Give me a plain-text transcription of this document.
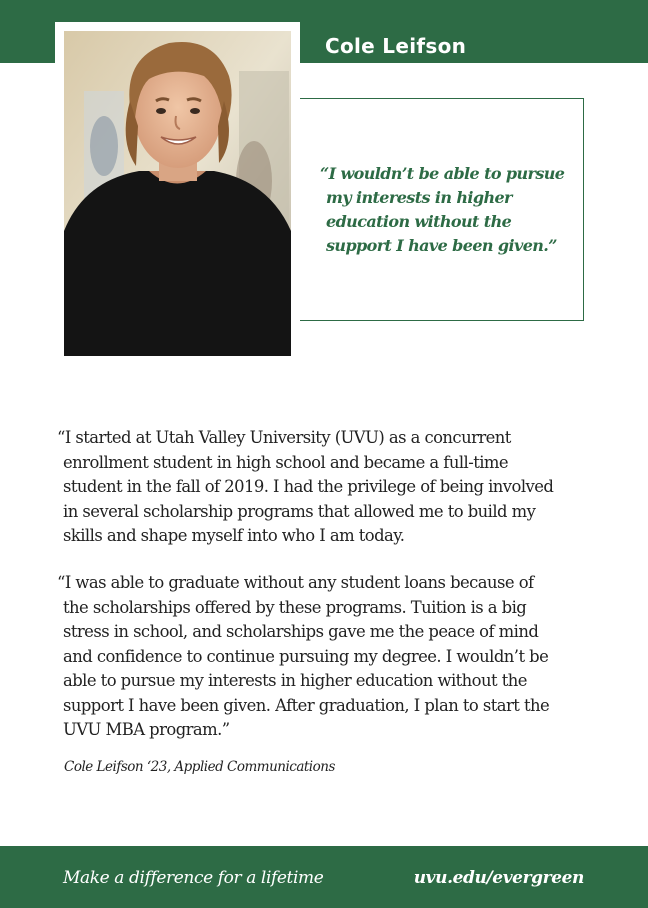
Cole Leifson
“I wouldn’t be able to pursue
my interests in higher
education without the
support I have been given.”
“I started at Utah Valley University (UVU) as a concurrent
enrollment student in high school and became a full-time
student in the fall of 2019. I had the privilege of being involved
in several scholarship programs that allowed me to build my
skills and shape myself into who I am today.
“I was able to graduate without any student loans because of
the scholarships offered by these programs. Tuition is a big
stress in school, and scholarships gave me the peace of mind
and confidence to continue pursuing my degree. I wouldn’t be
able to pursue my interests in higher education without the
support I have been given. After graduation, I plan to start the
UVU MBA program.”
Cole Leifson ‘23, Applied Communications
Make a difference for a lifetime	uvu.edu/evergreen
